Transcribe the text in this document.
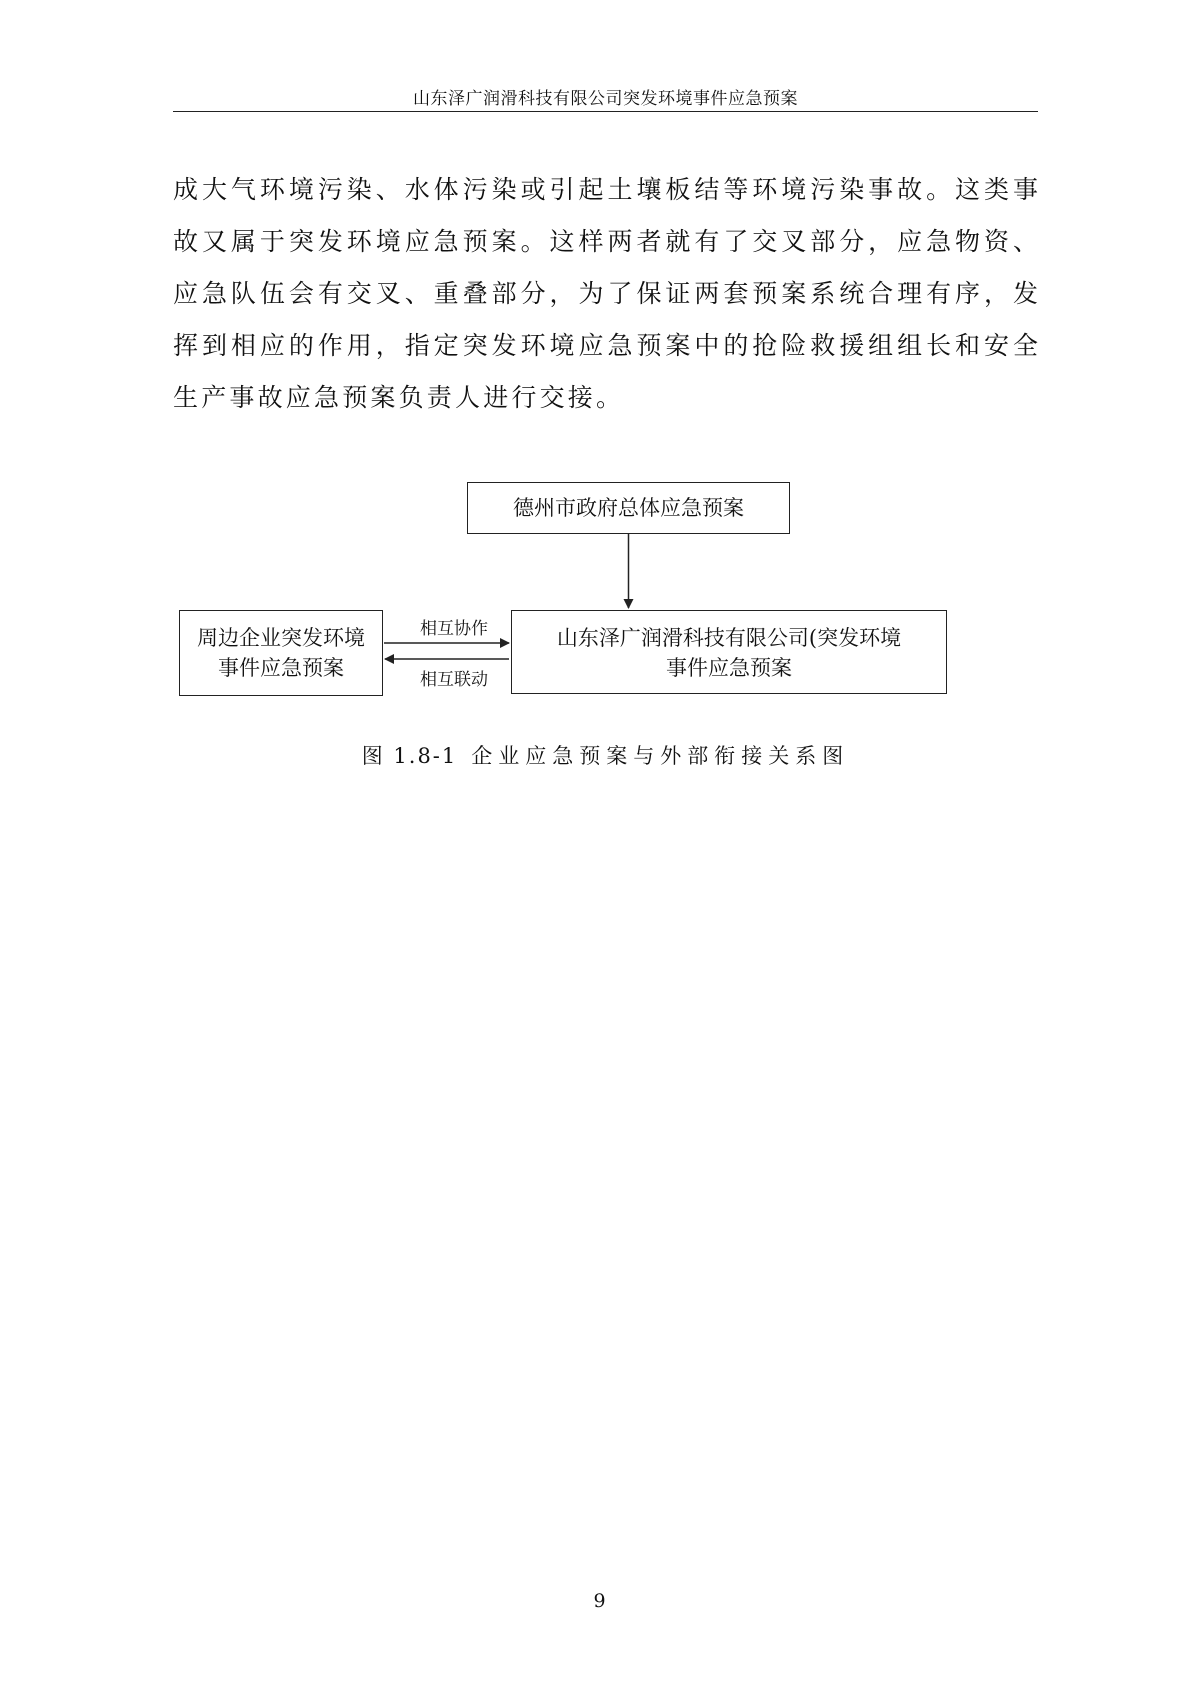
山东泽广润滑科技有限公司突发环境事件应急预案
成大气环境污染、水体污染或引起土壤板结等环境污染事故。这类事
故又属于突发环境应急预案。这样两者就有了交叉部分，应急物资、
应急队伍会有交叉、重叠部分，为了保证两套预案系统合理有序，发
挥到相应的作用，指定突发环境应急预案中的抢险救援组组长和安全
生产事故应急预案负责人进行交接。
德州市政府总体应急预案
周边企业突发环境
事件应急预案
山东泽广润滑科技有限公司(突发环境
事件应急预案
相互协作
相互联动
图 1.8-1 企业应急预案与外部衔接关系图
9
